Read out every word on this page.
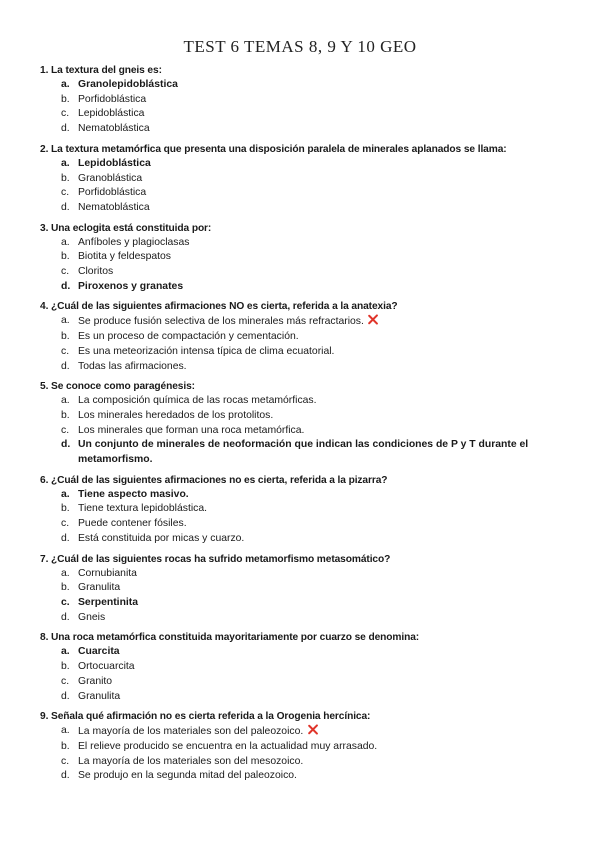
TEST 6 TEMAS 8, 9 Y 10 GEO
1. La textura del gneis es:
a. Granolepidoblástica
b. Porfidoblástica
c. Lepidoblástica
d. Nematoblástica
2. La textura metamórfica que presenta una disposición paralela de minerales aplanados se llama:
a. Lepidoblástica
b. Granoblástica
c. Porfidoblástica
d. Nematoblástica
3. Una eclogita está constituida por:
a. Anfíboles y plagioclasas
b. Biotita y feldespatos
c. Cloritos
d. Piroxenos y granates
4. ¿Cuál de las siguientes afirmaciones NO es cierta, referida a la anatexia?
a. Se produce fusión selectiva de los minerales más refractarios.
b. Es un proceso de compactación y cementación.
c. Es una meteorización intensa típica de clima ecuatorial.
d. Todas las afirmaciones.
5. Se conoce como paragénesis:
a. La composición química de las rocas metamórficas.
b. Los minerales heredados de los protolitos.
c. Los minerales que forman una roca metamórfica.
d. Un conjunto de minerales de neoformación que indican las condiciones de P y T durante el metamorfismo.
6. ¿Cuál de las siguientes afirmaciones no es cierta, referida a la pizarra?
a. Tiene aspecto masivo.
b. Tiene textura lepidoblástica.
c. Puede contener fósiles.
d. Está constituida por micas y cuarzo.
7. ¿Cuál de las siguientes rocas ha sufrido metamorfismo metasomático?
a. Cornubianita
b. Granulita
c. Serpentinita
d. Gneis
8. Una roca metamórfica constituida mayoritariamente por cuarzo se denomina:
a. Cuarcita
b. Ortocuarcita
c. Granito
d. Granulita
9. Señala qué afirmación no es cierta referida a la Orogenia hercínica:
a. La mayoría de los materiales son del paleozoico.
b. El relieve producido se encuentra en la actualidad muy arrasado.
c. La mayoría de los materiales son del mesozoico.
d. Se produjo en la segunda mitad del paleozoico.
